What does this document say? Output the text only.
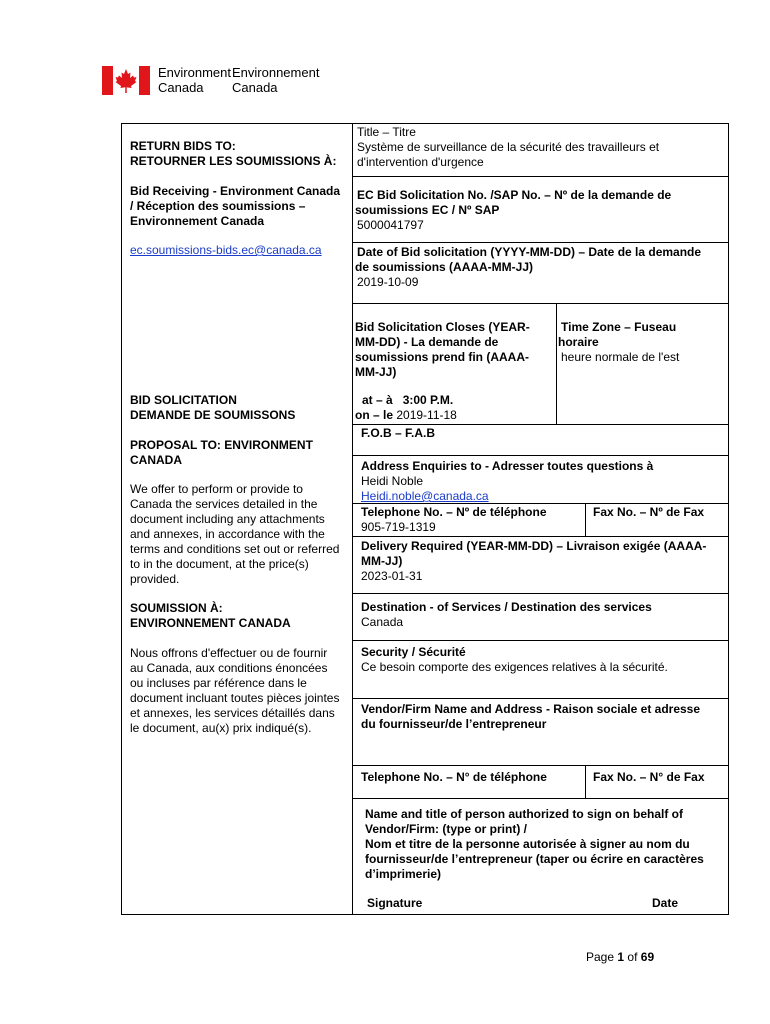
Environment
Canada
Environnement
Canada
RETURN BIDS TO:
RETOURNER LES SOUMISSIONS À:
Bid Receiving - Environment Canada
/ Réception des soumissions –
Environnement Canada
ec.soumissions-bids.ec@canada.ca
BID SOLICITATION
DEMANDE DE SOUMISSONS
PROPOSAL TO: ENVIRONMENT
CANADA
We offer to perform or provide to
Canada the services detailed in the
document including any attachments
and annexes, in accordance with the
terms and conditions set out or referred
to in the document, at the price(s)
provided.
SOUMISSION À:
ENVIRONNEMENT CANADA
Nous offrons d'effectuer ou de fournir
au Canada, aux conditions énoncées
ou incluses par référence dans le
document incluant toutes pièces jointes
et annexes, les services détaillés dans
le document, au(x) prix indiqué(s).
Title – Titre
Système de surveillance de la sécurité des travailleurs et
d'intervention d'urgence
EC Bid Solicitation No. /SAP No. – Nº de la demande de
soumissions EC / Nº SAP
5000041797
Date of Bid solicitation (YYYY-MM-DD) – Date de la demande
de soumissions (AAAA-MM-JJ)
2019-10-09
Bid Solicitation Closes (YEAR-
MM-DD) - La demande de
soumissions prend fin (AAAA-
MM-JJ)
Time Zone – Fuseau
horaire
heure normale de l'est
at – à   3:00 P.M.
on – le 2019-11-18
F.O.B – F.A.B
Address Enquiries to - Adresser toutes questions à
Heidi Noble
Heidi.noble@canada.ca
Telephone No. – Nº de téléphone
905-719-1319
Fax No. – Nº de Fax
Delivery Required (YEAR-MM-DD) – Livraison exigée (AAAA-
MM-JJ)
2023-01-31
Destination - of Services / Destination des services
Canada
Security / Sécurité
Ce besoin comporte des exigences relatives à la sécurité.
Vendor/Firm Name and Address - Raison sociale et adresse
du fournisseur/de l’entrepreneur
Telephone No. – N° de téléphone	Fax No. – N° de Fax
Name and title of person authorized to sign on behalf of
Vendor/Firm: (type or print) /
Nom et titre de la personne autorisée à signer au nom du
fournisseur/de l’entrepreneur (taper ou écrire en caractères
d’imprimerie)
Signature	Date
Page 1 of 69
